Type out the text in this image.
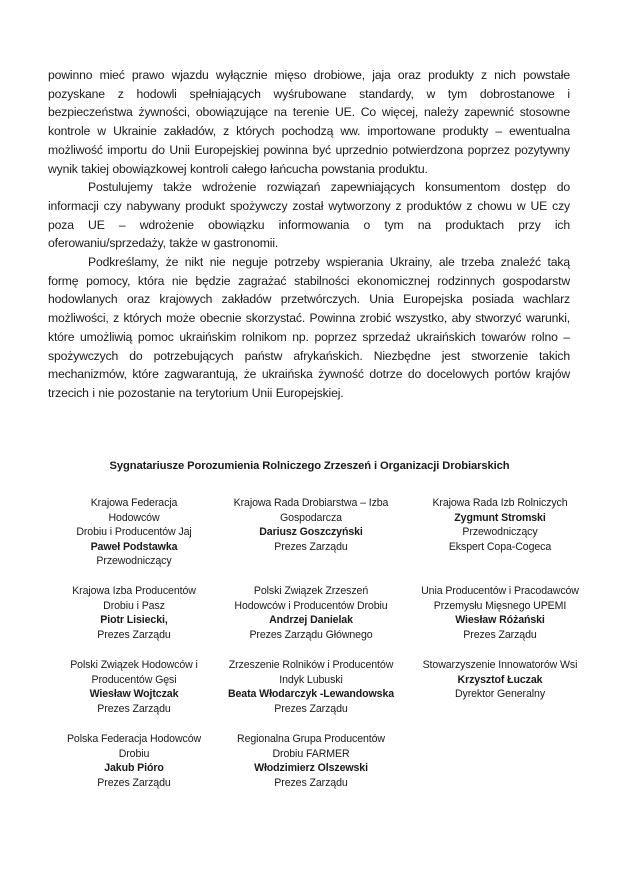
powinno mieć prawo wjazdu wyłącznie mięso drobiowe, jaja oraz produkty z nich powstałe pozyskane z hodowli spełniających wyśrubowane standardy, w tym dobrostanowe i bezpieczeństwa żywności, obowiązujące na terenie UE. Co więcej, należy zapewnić stosowne kontrole w Ukrainie zakładów, z których pochodzą ww. importowane produkty – ewentualna możliwość importu do Unii Europejskiej powinna być uprzednio potwierdzona poprzez pozytywny wynik takiej obowiązkowej kontroli całego łańcucha powstania produktu.

Postulujemy także wdrożenie rozwiązań zapewniających konsumentom dostęp do informacji czy nabywany produkt spożywczy został wytworzony z produktów z chowu w UE czy poza UE – wdrożenie obowiązku informowania o tym na produktach przy ich oferowaniu/sprzedaży, także w gastronomii.

Podkreślamy, że nikt nie neguje potrzeby wspierania Ukrainy, ale trzeba znaleźć taką formę pomocy, która nie będzie zagrażać stabilności ekonomicznej rodzinnych gospodarstw hodowlanych oraz krajowych zakładów przetwórczych. Unia Europejska posiada wachlarz możliwości, z których może obecnie skorzystać. Powinna zrobić wszystko, aby stworzyć warunki, które umożliwią pomoc ukraińskim rolnikom np. poprzez sprzedaż ukraińskich towarów rolno – spożywczych do potrzebujących państw afrykańskich. Niezbędne jest stworzenie takich mechanizmów, które zagwarantują, że ukraińska żywność dotrze do docelowych portów krajów trzecich i nie pozostanie na terytorium Unii Europejskiej.

Sygnatariusze Porozumienia Rolniczego Zrzeszeń i Organizacji Drobiarskich

Krajowa Federacja
Hodowców
Drobiu i Producentów Jaj
Paweł Podstawka
Przewodniczący
Krajowa Rada Drobiarstwa – Izba
Gospodarcza
Dariusz Goszczyński
Prezes Zarządu
Krajowa Rada Izb Rolniczych
Zygmunt Stromski
Przewodniczący
Ekspert Copa-Cogeca
Krajowa Izba Producentów
Drobiu i Pasz
Piotr Lisiecki,
Prezes Zarządu
Polski Związek Zrzeszeń
Hodowców i Producentów Drobiu
Andrzej Danielak
Prezes Zarządu Głównego
Unia Producentów i Pracodawców
Przemysłu Mięsnego UPEMI
Wiesław Różański
Prezes Zarządu
Polski Związek Hodowców i
Producentów Gęsi
Wiesław Wojtczak
Prezes Zarządu
Zrzeszenie Rolników i Producentów
Indyk Lubuski
Beata Włodarczyk -Lewandowska
Prezes Zarządu
Stowarzyszenie Innowatorów Wsi
Krzysztof Łuczak
Dyrektor Generalny
Polska Federacja Hodowców
Drobiu
Jakub Pióro
Prezes Zarządu
Regionalna Grupa Producentów
Drobiu FARMER
Włodzimierz Olszewski
Prezes Zarządu
